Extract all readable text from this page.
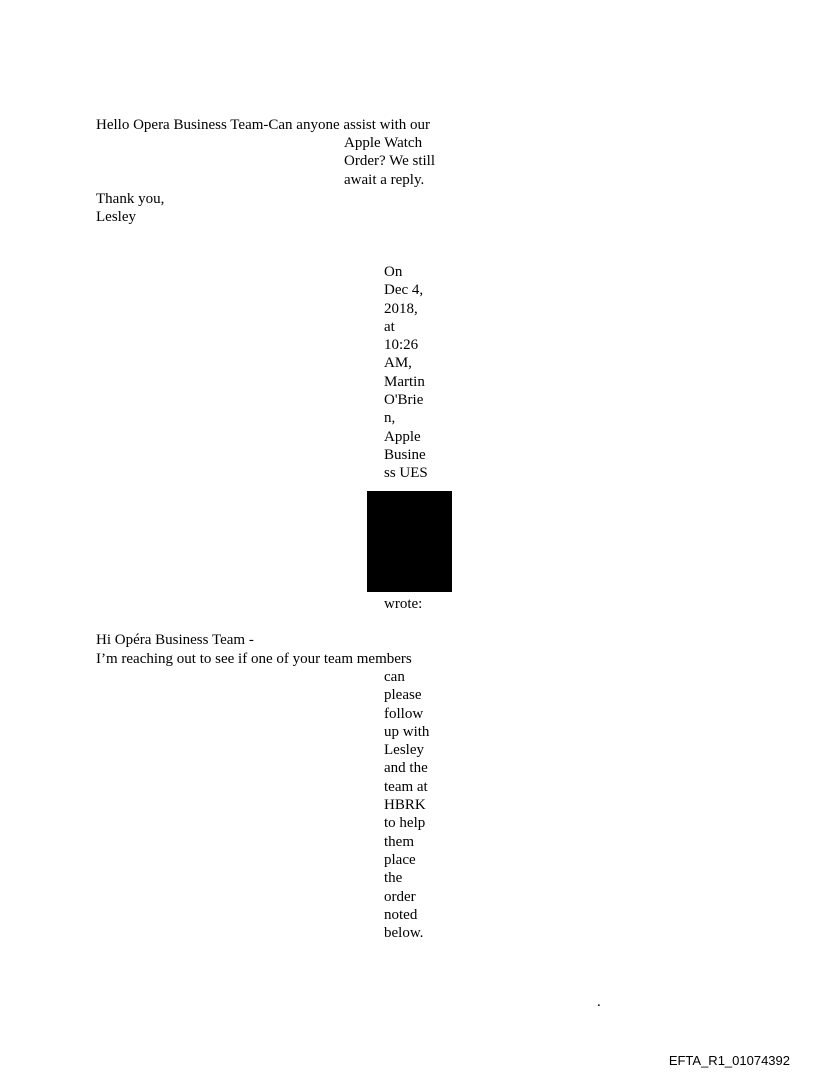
Hello Opera Business Team-Can anyone assist with our
Apple Watch
Order? We still
await a reply.
Thank you,
Lesley
On
Dec 4,
2018,
at
10:26
AM,
Martin
O'Brie
n,
Apple
Busine
ss UES
wrote:
Hi Opéra Business Team -
I’m reaching out to see if one of your team members
can
please
follow
up with
Lesley
and the
team at
HBRK
to help
them
place
the
order
noted
below.
.
EFTA_R1_01074392
